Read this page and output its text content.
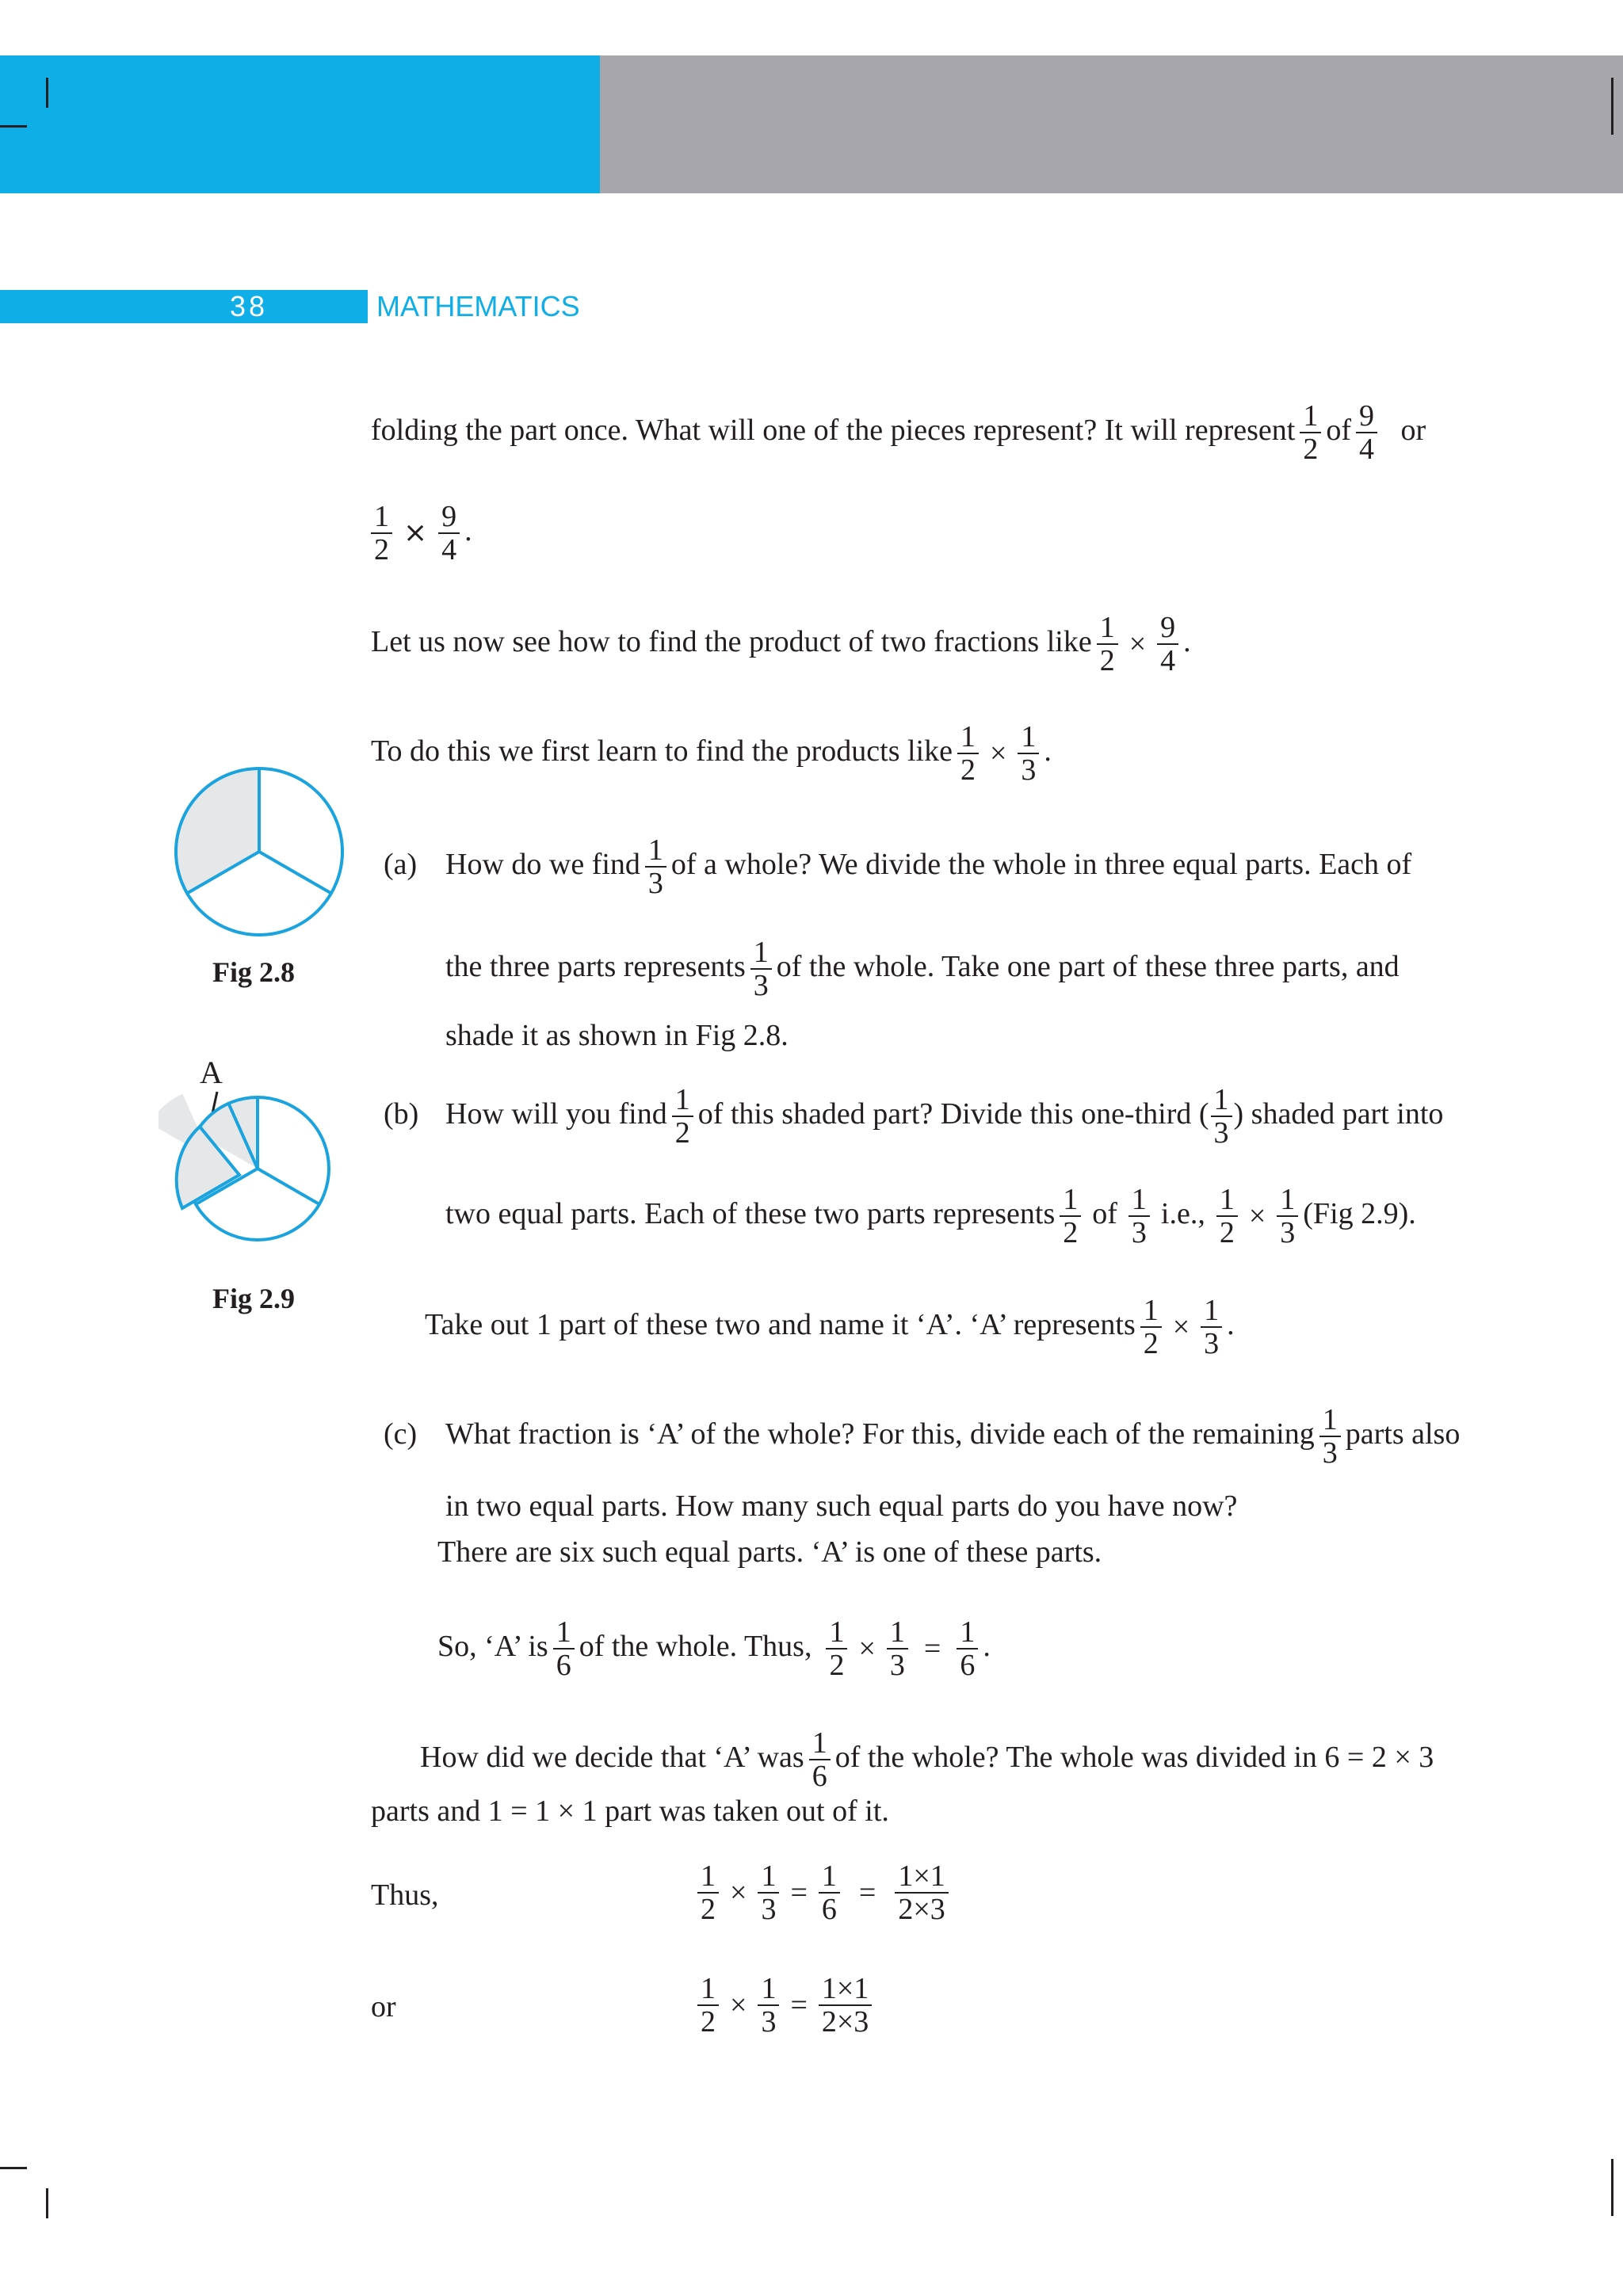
38	MATHEMATICS
Fig 2.8
A
Fig 2.9
folding the part once. What will one of the pieces represent? It will represent $\frac{1}{2}$ of $\frac{9}{4}$ or
$\frac{1}{2} \times \frac{9}{4}$ .
Let us now see how to find the product of two fractions like $\frac{1}{2} \times \frac{9}{4}$ .
To do this we first learn to find the products like $\frac{1}{2} \times \frac{1}{3}$ .
(a) How do we find $\frac{1}{3}$ of a whole? We divide the whole in three equal parts. Each of
the three parts represents $\frac{1}{3}$ of the whole. Take one part of these three parts, and
shade it as shown in Fig 2.8.
(b) How will you find $\frac{1}{2}$ of this shaded part? Divide this one-third ( $\frac{1}{3}$ ) shaded part into
two equal parts. Each of these two parts represents $\frac{1}{2}$ of $\frac{1}{3} i.e$., $\frac{1}{2} \times \frac{1}{3} (Fig$ 2.9).
Take out 1 part of these two and name it ‘A’. ‘A’ represents $\frac{1}{2} \times \frac{1}{3}$ .
(c) What fraction is ‘A’ of the whole? For this, divide each of the remaining $\frac{1}{3}$ parts also
in two equal parts. How many such equal parts do you have now?
There are six such equal parts. ‘A’ is one of these parts.
So, ‘A’ is $\frac{1}{6}$ of the whole. Thus, $\frac{1}{2} \times \frac{1}{3} = \frac{1}{6}$ .
How did we decide that ‘A’ was $\frac{1}{6}$ of the whole? The whole was divided in 6 = 2 × 3
parts and 1 = 1 × 1 part was taken out of it.
Thus,	$\frac{1}{2} \times \frac{1}{3} = \frac{1}{6} = \frac{1\times 1}{2\times 3}$
or	$\frac{1}{2} \times \frac{1}{3} = \frac{1\times 1}{2\times 3}$
